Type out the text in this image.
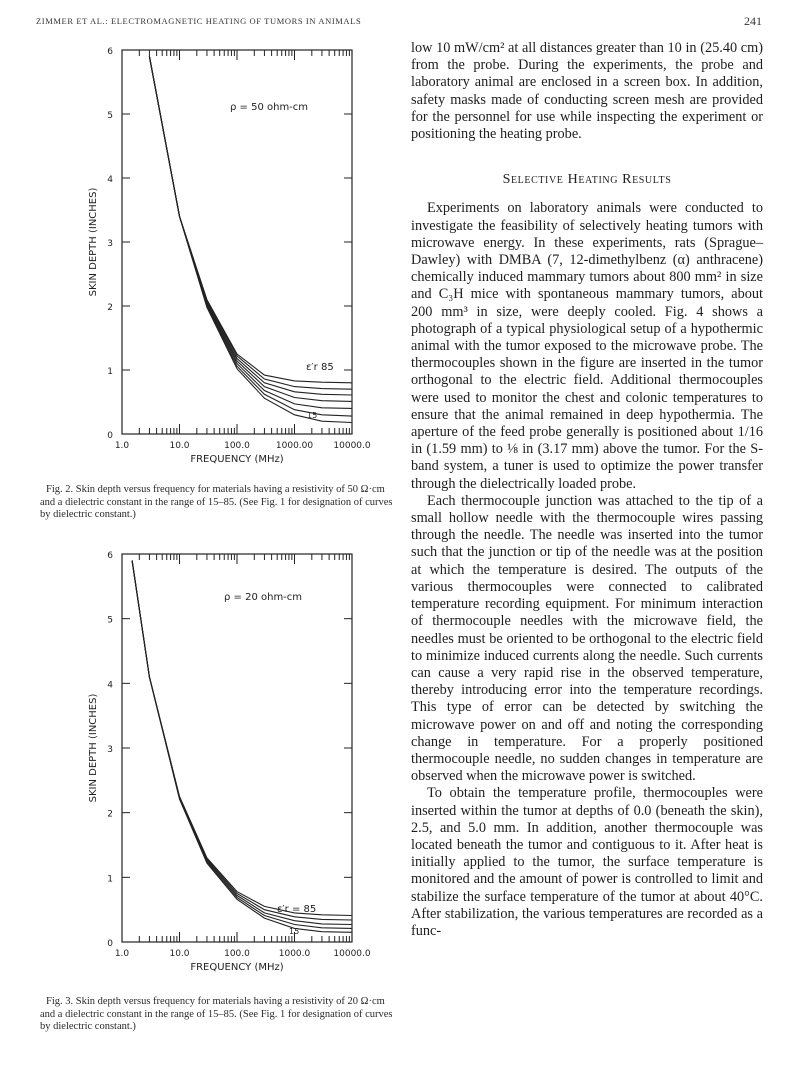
ZIMMER ET AL.: ELECTROMAGNETIC HEATING OF TUMORS IN ANIMALS	241
1.0	10.0	100.0	1000.00 10000.0
0
1
2
3
4
5
6
FREQUENCY (MHz)
SKIN DEPTH (INCHES)
ρ = 50 ohm-cm
ε′r 85
15
Fig. 2. Skin depth versus frequency for materials having a resistivity of 50 Ω·cm and a dielectric constant in the range of 15–85. (See Fig. 1 for designation of curves by dielectric constant.)
1.0	10.0	100.0	1000.0	10000.0
0
1
2
3
4
5
6
FREQUENCY (MHz)
SKIN DEPTH (INCHES)
ρ = 20 ohm-cm
ε′r = 85
15
Fig. 3. Skin depth versus frequency for materials having a resistivity of 20 Ω·cm and a dielectric constant in the range of 15–85. (See Fig. 1 for designation of curves by dielectric constant.)

low 10 mW/cm² at all distances greater than 10 in (25.40 cm) from the probe. During the experiments, the probe and laboratory animal are enclosed in a screen box. In addition, safety masks made of conducting screen mesh are provided for the personnel for use while inspecting the experiment or positioning the heating probe.

Selective Heating Results

Experiments on laboratory animals were conducted to investigate the feasibility of selectively heating tumors with microwave energy. In these experiments, rats (Sprague–Dawley) with DMBA (7, 12-dimethylbenz (α) anthracene) chemically induced mammary tumors about 800 mm² in size and C₃H mice with spontaneous mammary tumors, about 200 mm³ in size, were deeply cooled. Fig. 4 shows a photograph of a typical physiological setup of a hypothermic animal with the tumor exposed to the microwave probe. The thermocouples shown in the figure are inserted in the tumor orthogonal to the electric field. Additional thermocouples were used to monitor the chest and colonic temperatures to ensure that the animal remained in deep hypothermia. The aperture of the feed probe generally is positioned about 1/16 in (1.59 mm) to ⅛ in (3.17 mm) above the tumor. For the S-band system, a tuner is used to optimize the power transfer through the dielectrically loaded probe.

Each thermocouple junction was attached to the tip of a small hollow needle with the thermocouple wires passing through the needle. The needle was inserted into the tumor such that the junction or tip of the needle was at the position at which the temperature is desired. The outputs of the various thermocouples were connected to calibrated temperature recording equipment. For minimum interaction of thermocouple needles with the microwave field, the needles must be oriented to be orthogonal to the electric field to minimize induced currents along the needle. Such currents can cause a very rapid rise in the observed temperature, thereby introducing error into the temperature recordings. This type of error can be detected by switching the microwave power on and off and noting the corresponding change in temperature. For a properly positioned thermocouple needle, no sudden changes in temperature are observed when the microwave power is switched.

To obtain the temperature profile, thermocouples were inserted within the tumor at depths of 0.0 (beneath the skin), 2.5, and 5.0 mm. In addition, another thermocouple was located beneath the tumor and contiguous to it. After heat is initially applied to the tumor, the surface temperature is monitored and the amount of power is controlled to limit and stabilize the surface temperature of the tumor at about 40°C. After stabilization, the various temperatures are recorded as a func-
